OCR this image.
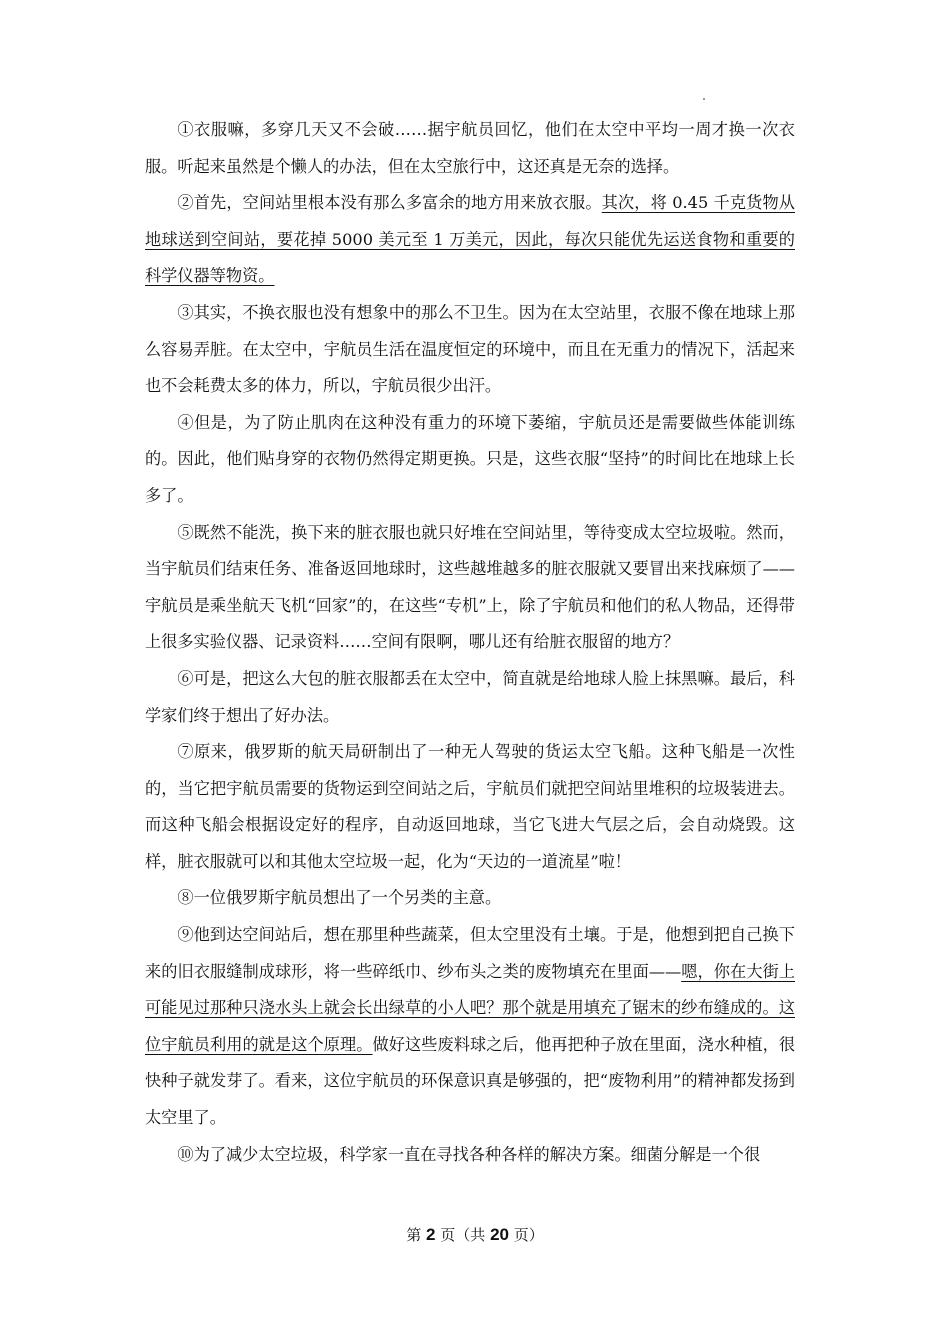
①衣服嘛，多穿几天又不会破……据宇航员回忆，他们在太空中平均一周才换一次衣服。听起来虽然是个懒人的办法，但在太空旅行中，这还真是无奈的选择。

②首先，空间站里根本没有那么多富余的地方用来放衣服。其次，将 0.45 千克货物从地球送到空间站，要花掉 5000 美元至 1 万美元，因此，每次只能优先运送食物和重要的科学仪器等物资。

③其实，不换衣服也没有想象中的那么不卫生。因为在太空站里，衣服不像在地球上那么容易弄脏。在太空中，宇航员生活在温度恒定的环境中，而且在无重力的情况下，活起来也不会耗费太多的体力，所以，宇航员很少出汗。

④但是，为了防止肌肉在这种没有重力的环境下萎缩，宇航员还是需要做些体能训练的。因此，他们贴身穿的衣物仍然得定期更换。只是，这些衣服“坚持”的时间比在地球上长多了。

⑤既然不能洗，换下来的脏衣服也就只好堆在空间站里，等待变成太空垃圾啦。然而，当宇航员们结束任务、准备返回地球时，这些越堆越多的脏衣服就又要冒出来找麻烦了——宇航员是乘坐航天飞机“回家”的，在这些“专机”上，除了宇航员和他们的私人物品，还得带上很多实验仪器、记录资料……空间有限啊，哪儿还有给脏衣服留的地方？

⑥可是，把这么大包的脏衣服都丢在太空中，简直就是给地球人脸上抹黑嘛。最后，科学家们终于想出了好办法。

⑦原来，俄罗斯的航天局研制出了一种无人驾驶的货运太空飞船。这种飞船是一次性的，当它把宇航员需要的货物运到空间站之后，宇航员们就把空间站里堆积的垃圾装进去。而这种飞船会根据设定好的程序，自动返回地球，当它飞进大气层之后，会自动烧毁。这样，脏衣服就可以和其他太空垃圾一起，化为“天边的一道流星”啦！

⑧一位俄罗斯宇航员想出了一个另类的主意。

⑨他到达空间站后，想在那里种些蔬菜，但太空里没有土壤。于是，他想到把自己换下来的旧衣服缝制成球形，将一些碎纸巾、纱布头之类的废物填充在里面——嗯，你在大街上可能见过那种只浇水头上就会长出绿草的小人吧？那个就是用填充了锯末的纱布缝成的。这位宇航员利用的就是这个原理。做好这些废料球之后，他再把种子放在里面，浇水种植，很快种子就发芽了。看来，这位宇航员的环保意识真是够强的，把“废物利用”的精神都发扬到太空里了。

⑩为了减少太空垃圾，科学家一直在寻找各种各样的解决方案。细菌分解是一个很

第 2 页（共 20 页）
